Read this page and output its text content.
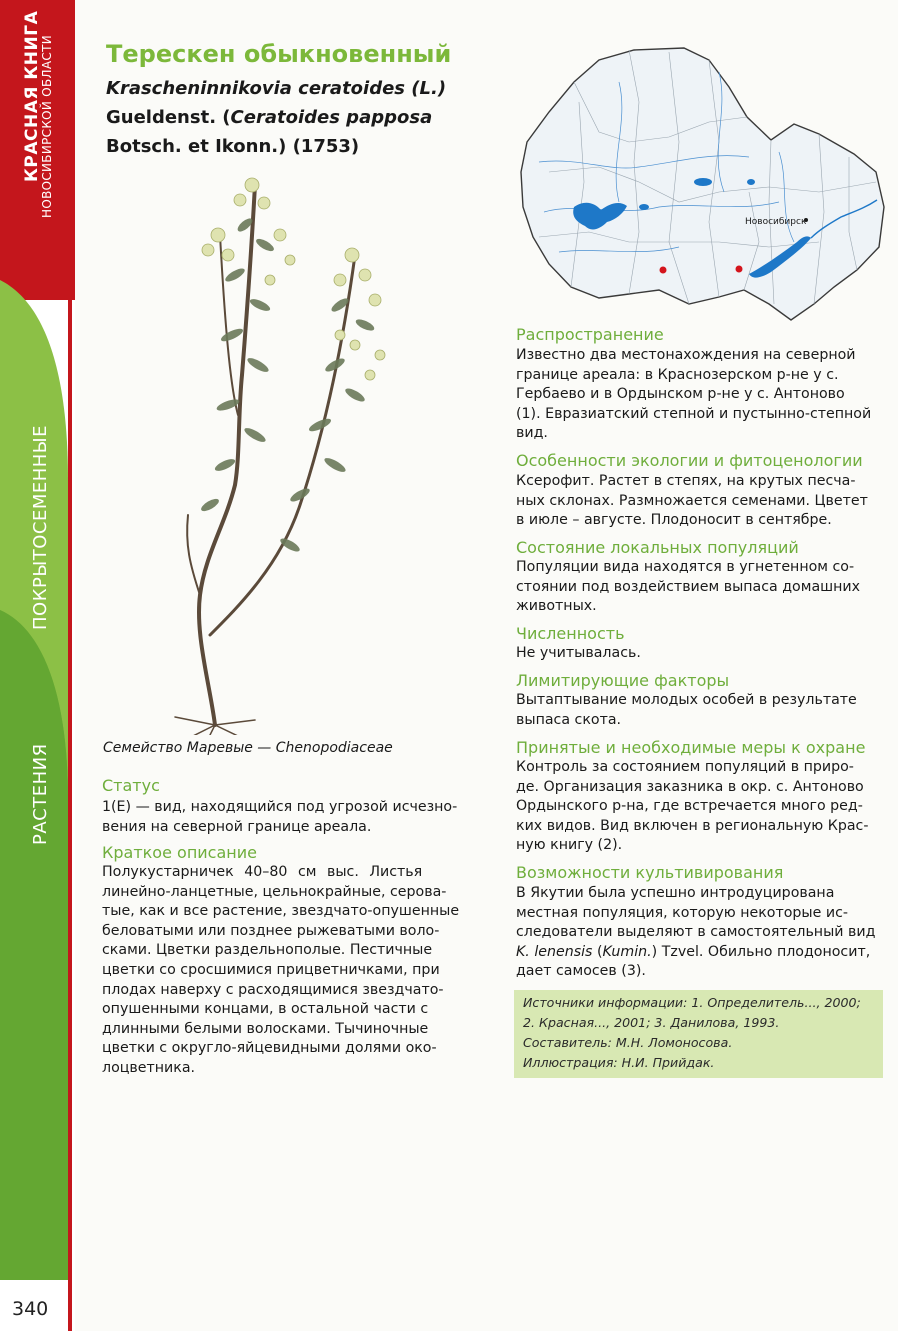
КРАСНАЯ КНИГА
НОВОСИБИРСКОЙ ОБЛАСТИ
ПОКРЫТОСЕМЕННЫЕ
РАСТЕНИЯ
340
Терескен обыкновенный
Krascheninnikovia ceratoides (L.)
Gueldenst. (Ceratoides papposa
Botsch. et Ikonn.) (1753)
Семейство Маревые — Chenopodiaceae
Статус
1(E) — вид, находящийся под угрозой исчезно-
вения на северной границе ареала.
Краткое описание
Полукустарничек 40–80 см выс. Листья
линейно-ланцетные, цельнокрайные, серова-
тые, как и все растение, звездчато-опушенные
беловатыми или позднее рыжеватыми воло-
сками. Цветки раздельнополые. Пестичные
цветки со сросшимися прицветничками, при
плодах наверху с расходящимися звездчато-
опушенными концами, в остальной части с
длинными белыми волосками. Тычиночные
цветки с округло-яйцевидными долями око-
лоцветника.
Новосибирск
Распространение
Известно два местонахождения на северной
границе ареала: в Краснозерском р-не у с.
Гербаево и в Ордынском р-не у с. Антоново
(1). Евразиатский степной и пустынно-степной
вид.
Особенности экологии и фитоценологии
Ксерофит. Растет в степях, на крутых песча-
ных склонах. Размножается семенами. Цветет
в июле – августе. Плодоносит в сентябре.
Состояние локальных популяций
Популяции вида находятся в угнетенном со-
стоянии под воздействием выпаса домашних
животных.
Численность
Не учитывалась.
Лимитирующие факторы
Вытаптывание молодых особей в результате
выпаса скота.
Принятые и необходимые меры к охране
Контроль за состоянием популяций в приро-
де. Организация заказника в окр. с. Антоново
Ордынского р-на, где встречается много ред-
ких видов. Вид включен в региональную Крас-
ную книгу (2).
Возможности культивирования
В Якутии была успешно интродуцирована
местная популяция, которую некоторые ис-
следователи выделяют в самостоятельный вид
K. lenensis (Kumin.) Tzvel. Обильно плодоносит,
дает самосев (3).
Источники информации: 1. Определитель..., 2000;
2. Красная..., 2001; 3. Данилова, 1993.
Составитель: М.Н. Ломоносова.
Иллюстрация: Н.И. Прийдак.
